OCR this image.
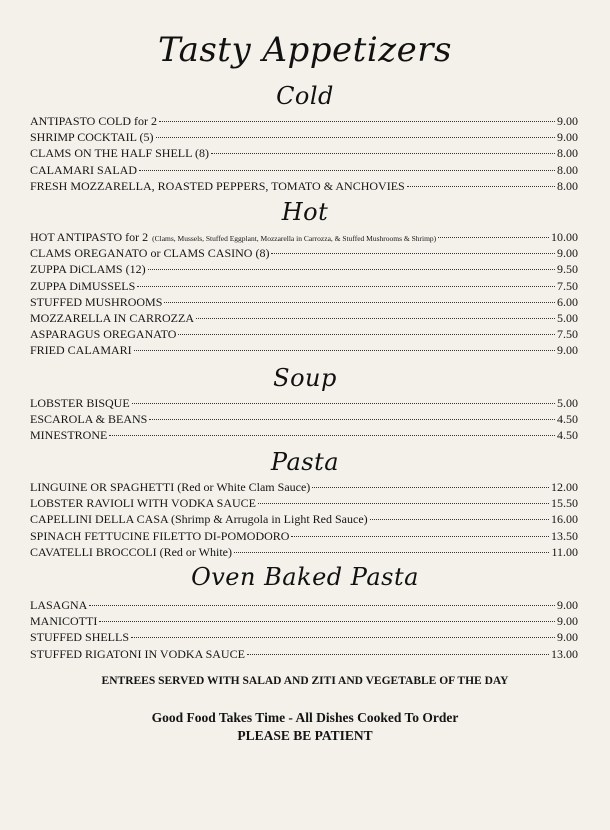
Tasty Appetizers
Cold
ANTIPASTO COLD for 2	9.00
SHRIMP COCKTAIL (5)	9.00
CLAMS ON THE HALF SHELL (8)	8.00
CALAMARI SALAD	8.00
FRESH MOZZARELLA, ROASTED PEPPERS, TOMATO & ANCHOVIES	8.00
Hot
HOT ANTIPASTO for 2 (Clams, Mussels, Stuffed Eggplant, Mozzarella in Carrozza, & Stuffed Mushrooms & Shrimp)	10.00
CLAMS OREGANATO or CLAMS CASINO (8)	9.00
ZUPPA DiCLAMS (12)	9.50
ZUPPA DiMUSSELS	7.50
STUFFED MUSHROOMS	6.00
MOZZARELLA IN CARROZZA	5.00
ASPARAGUS OREGANATO	7.50
FRIED CALAMARI	9.00
Soup
LOBSTER BISQUE	5.00
ESCAROLA & BEANS	4.50
MINESTRONE	4.50
Pasta
LINGUINE OR SPAGHETTI (Red or White Clam Sauce)	12.00
LOBSTER RAVIOLI WITH VODKA SAUCE	15.50
CAPELLINI DELLA CASA (Shrimp & Arrugola in Light Red Sauce)	16.00
SPINACH FETTUCINE FILETTO DI-POMODORO	13.50
CAVATELLI BROCCOLI (Red or White)	11.00
Oven Baked Pasta
LASAGNA	9.00
MANICOTTI	9.00
STUFFED SHELLS	9.00
STUFFED RIGATONI IN VODKA SAUCE	13.00
ENTREES SERVED WITH SALAD AND ZITI AND VEGETABLE OF THE DAY
Good Food Takes Time - All Dishes Cooked To Order
PLEASE BE PATIENT
